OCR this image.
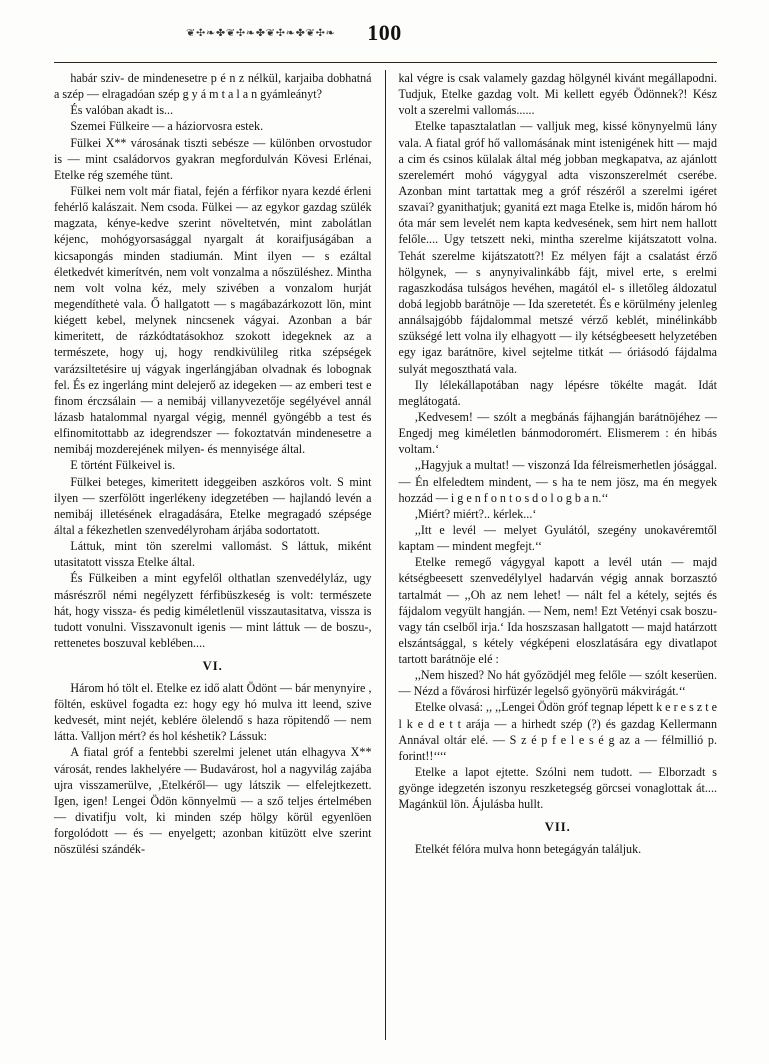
❦ ✣ ❧ ✤ ❦ ✣ ❧ ✤ ❦ ✣ ❧ ✤ ❦ ✣ ❧	100

habár sziv- de mindenesetre p é n z nélkül, karjaiba dobhatná a szép — elragadóan szép g y á m t a l a n gyámleányt?

És valóban akadt is...

Szemei Fülkeire — a háziorvosra estek.

Fülkei X** városának tiszti sebésze — különben orvostudor is — mint családorvos gyakran megfordulván Kövesi Erlénai, Etelke rég szeméhe tünt.

Fülkei nem volt már fiatal, fején a férfikor nyara kezdé érleni fehérlő kalászait. Nem csoda. Fülkei — az egykor gazdag szülék magzata, kénye-kedve szerint növeltetvén, mint zabolátlan kéjenc, mohógyorsasággal nyargalt át koraifjuságában a kicsapongás minden stadiumán. Mint ilyen — s ezáltal életkedvét kimerítvén, nem volt vonzalma a nőszüléshez. Mintha nem volt volna kéz, mely szivében a vonzalom hurját megendíthetė vala. Ő hallgatott — s magábazárkozott lön, mint kiégett kebel, melynek nincsenek vágyai. Azonban a bár kimeritett, de rázkódtatásokhoz szokott idegeknek az a természete, hogy uj, hogy rendkivülileg ritka szépségek varázsiltetésire uj vágyak ingerlángjában olvadnak és lobognak fel. És ez ingerláng mint delejerő az idegeken — az emberi test e finom érczsálain — a nemibáj villanyvezetője segélyével annál lázasb hatalommal nyargal végig, mennél gyöngébb a test és elfinomitottabb az idegrendszer — fokoztatván mindenesetre a nemibáj mozderejének milyen- és mennyisége által.

E történt Fülkeivel is.

Fülkei beteges, kimeritett ideggeiben aszkóros volt. S mint ilyen — szerfölött ingerlékeny idegzetében — hajlandó levén a nemibáj illetésének elragadására, Etelke megragadó szépsége által a fékezhetlen szenvedélyroham árjába sodortatott.

Láttuk, mint tön szerelmi vallomást. S láttuk, miként utasitatott vissza Etelke által.

És Fülkeiben a mint egyfelől olthatlan szenvedélyláz, ugy másrészről némi negélyzett férfibüszkeség is volt: természete hát, hogy vissza- és pedig kiméletlenül visszautasitatva, vissza is tudott vonulni. Visszavonult igenis — mint láttuk — de boszu-, rettenetes boszuval keblében....

VI.

Három hó tölt el. Etelke ez idő alatt Ödönt — bár menynyire , föltén, esküvel fogadta ez: hogy egy hó mulva itt leend, szive kedvesét, mint nejét, keblére ölelendő s haza röpitendő — nem látta. Valljon mért? és hol késhetik? Lássuk:

A fiatal gróf a fentebbi szerelmi jelenet után elhagyva X** városát, rendes lakhelyére — Budavárost, hol a nagyvilág zajába ujra visszamerülve, ,Etelkéről— ugy látszik — elfelejtkezett. Igen, igen! Lengei Ödön könnyelmü — a sző teljes értelmében — divatifju volt, ki minden szép hölgy körül egyenlöen forgolódott — és — enyelgett; azonban kitüzött elve szerint nöszülési szándék-

kal végre is csak valamely gazdag hölgynél kivánt megállapodni. Tudjuk, Etelke gazdag volt. Mi kellett egyéb Ödönnek?! Kész volt a szerelmi vallomás......

Etelke tapasztalatlan — valljuk meg, kissé könynyelmü lány vala. A fiatal gróf hő vallomásának mint istenigének hitt — majd a cim és csinos külalak által még jobban megkapatva, az ajánlott szerelemért mohó vágygyal adta viszonszerelmét cserébe. Azonban mint tartattak meg a gróf részéről a szerelmi igéret szavai? gyanithatjuk; gyanitá ezt maga Etelke is, midőn három hó óta már sem levelét nem kapta kedvesének, sem hirt nem hallott felőle.... Ugy tetszett neki, mintha szerelme kijátszatott volna. Tehát szerelme kijátszatott?! Ez mélyen fájt a csalatást érző hölgynek, — s anynyivalinkább fájt, mivel erte, s erelmi ragaszkodása tulságos hevéhen, magától el- s illetőleg áldozatul dobá legjobb barátnöje — Ida szeretetét. És e körülmény jelenleg annálsajgóbb fájdalommal metszé vérző keblét, minélinkább szükségé lett volna ily elhagyott — ily kétségbeesett helyzetében egy igaz barátnöre, kivel sejtelme titkát — óriásodó fájdalma sulyát megoszthatá vala.

Ily lélekállapotában nagy lépésre tökélte magát. Idát meglátogatá.

,Kedvesem! — szólt a megbánás fájhangján barátnöjéhez — Engedj meg kiméletlen bánmodoromért. Elismerem : én hibás voltam.‘

,,Hagyjuk a multat! — viszonzá Ida félreismerhetlen jósággal. — Én elfeledtem mindent, — s ha te nem jösz, ma én megyek hozzád — i g e n f o n t o s d o l o g b a n.‘‘

,Miért? miért?.. kérlek...‘

,,Itt e levél — melyet Gyulától, szegény unokavéremtől kaptam — mindent megfejt.‘‘

Etelke remegő vágygyal kapott a levél után — majd kétségbeesett szenvedélylyel hadarván végig annak borzasztó tartalmát — ,,Oh az nem lehet! — nált fel a kétely, sejtés és fájdalom vegyült hangján. — Nem, nem! Ezt Vetényi csak boszu- vagy tán cselből irja.‘ Ida hoszszasan hallgatott — majd határzott elszántsággal, s kétely végképeni eloszlatására egy divatlapot tartott barátnöje elé :

,,Nem hiszed? No hát győzödjél meg felőle — szólt keserüen. — Nézd a fővárosi hirfüzér legelső gyönyörü mákvirágát.‘‘

Etelke olvasá: ,, ,,Lengei Ödön gróf tegnap lépett k e r e s z t e l k e d e t t arája — a hirhedt szép (?) és gazdag Kellermann Annával oltár elé. — S z é p f e l e s é g az a — félmillió p. forint!!‘‘‘‘

Etelke a lapot ejtette. Szólni nem tudott. — Elborzadt s gyönge idegzetén iszonyu reszketegség görcsei vonaglottak át.... Magánkül lön. Ájulásba hullt.

VII.

Etelkét félóra mulva honn betegágyán találjuk.
